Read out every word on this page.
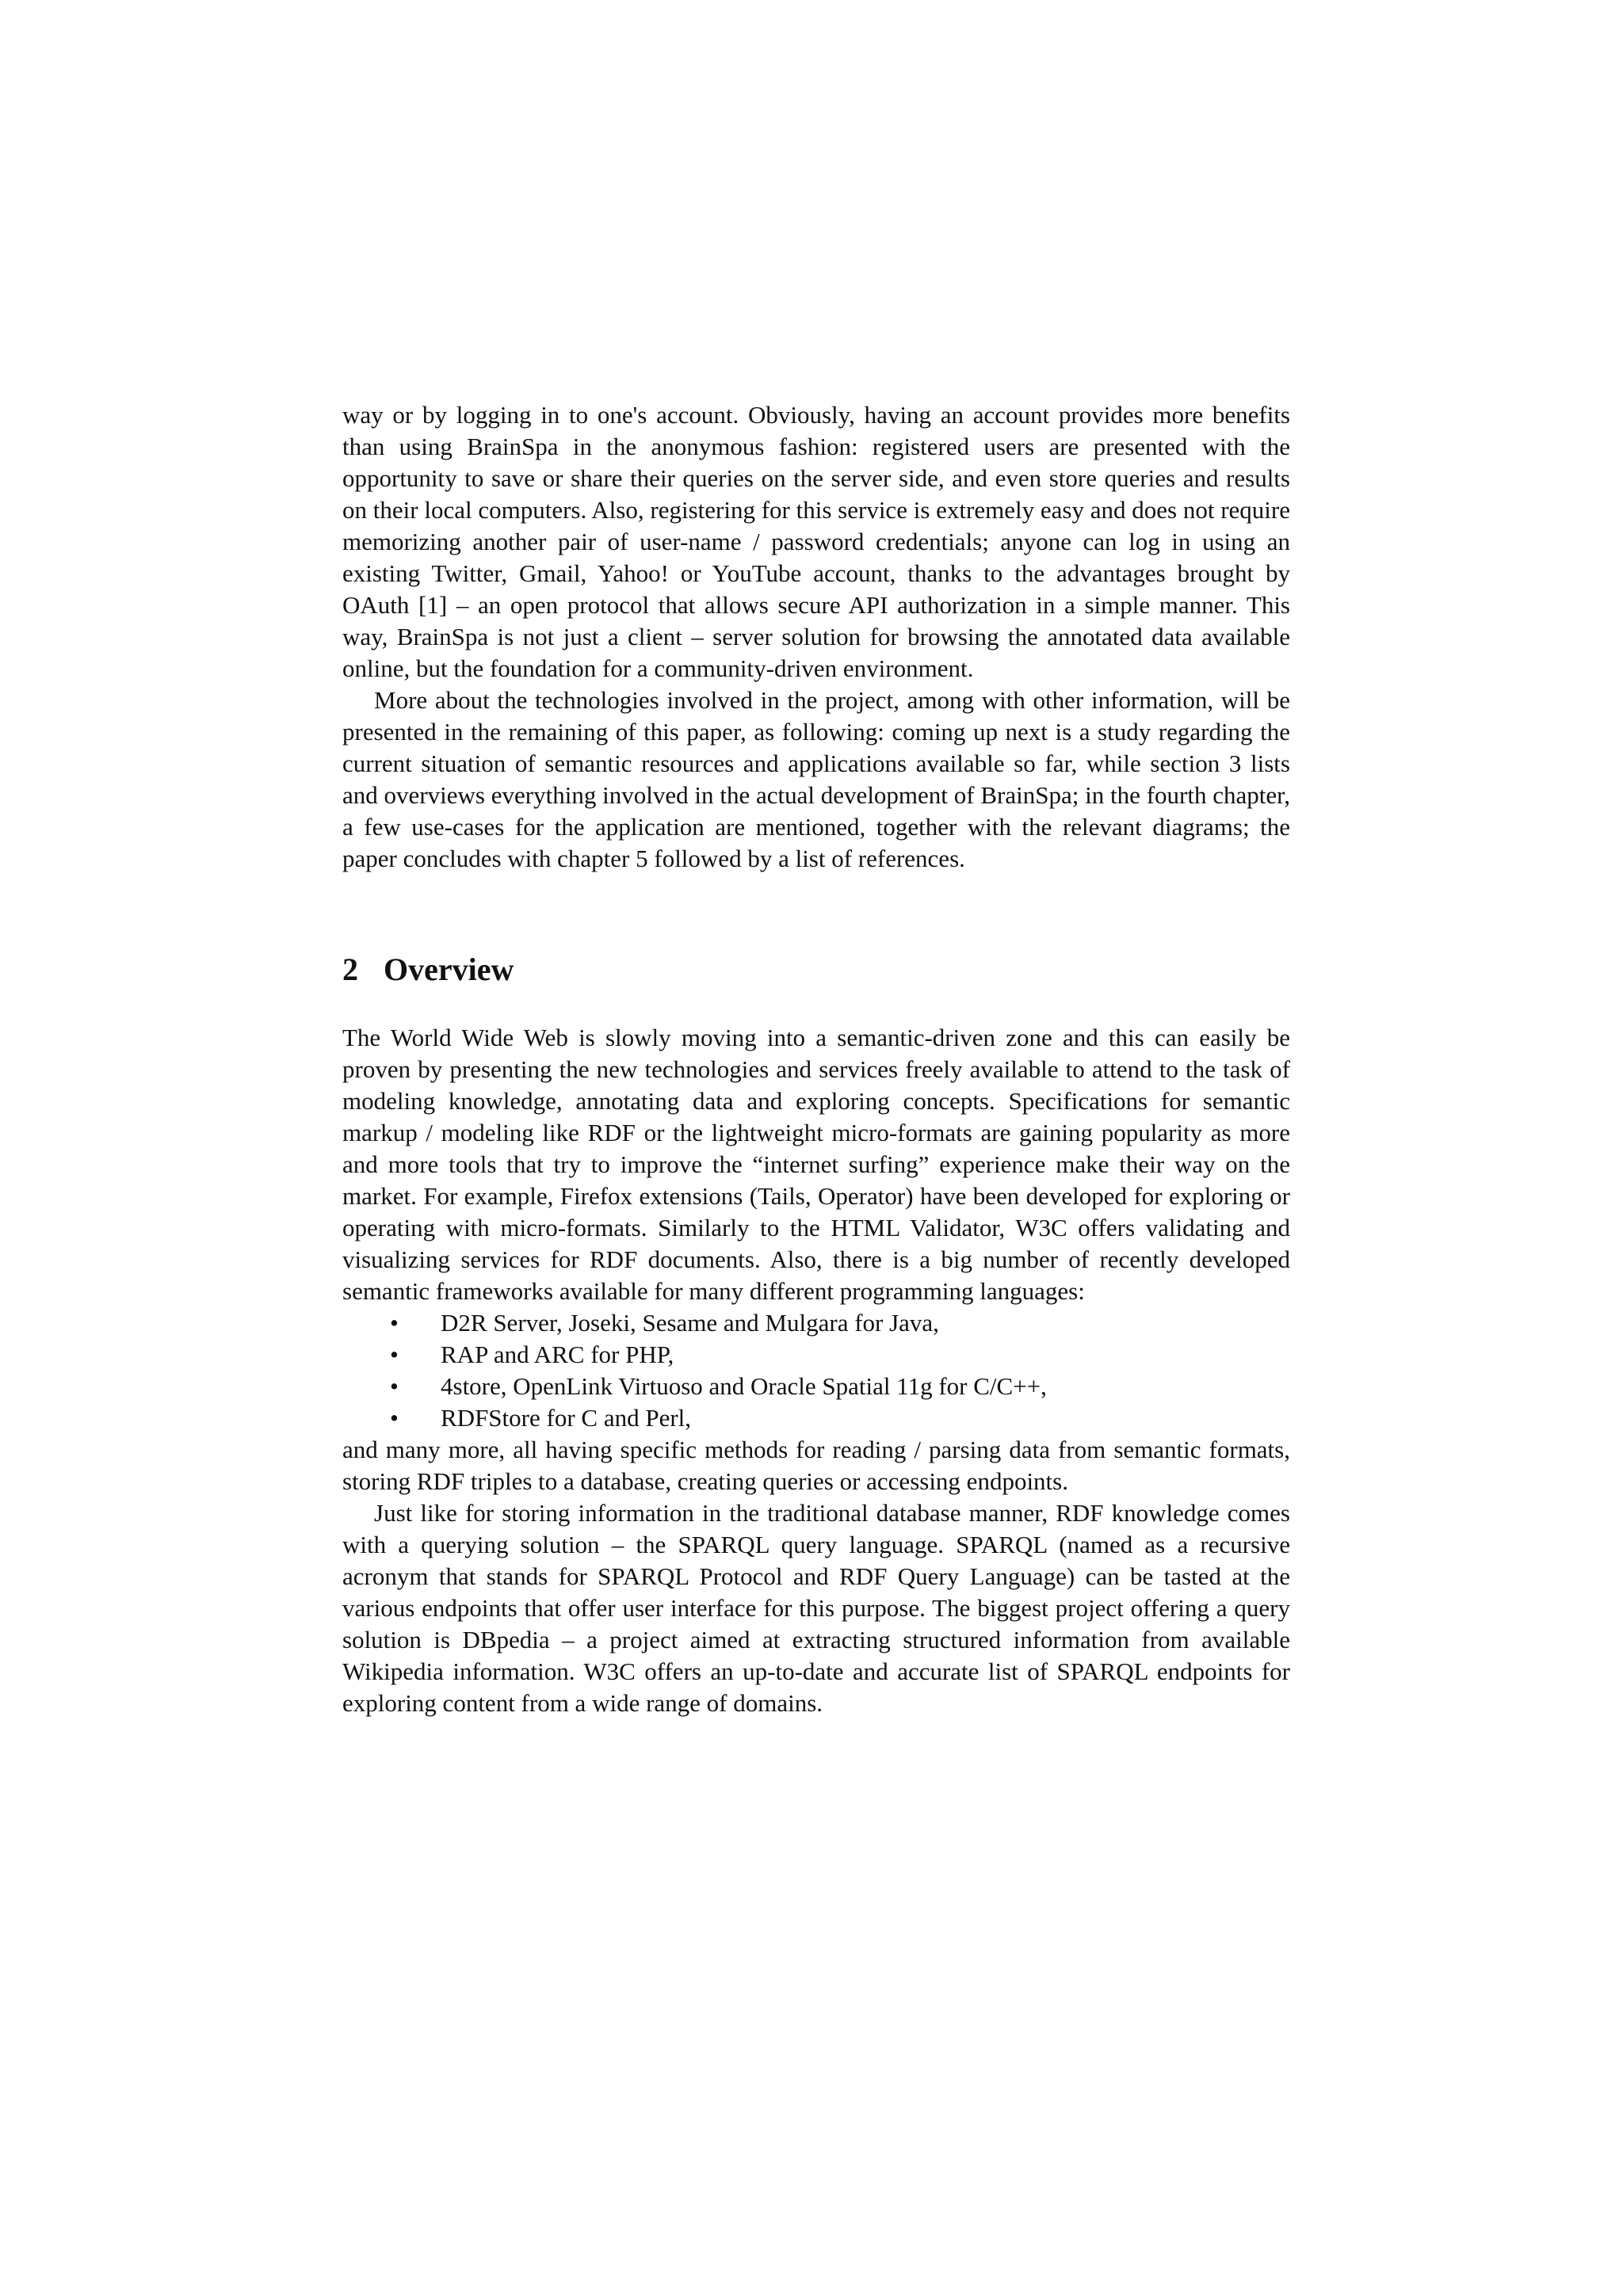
way or by logging in to one's account. Obviously, having an account provides more benefits than using BrainSpa in the anonymous fashion: registered users are presented with the opportunity to save or share their queries on the server side, and even store queries and results on their local computers. Also, registering for this service is extremely easy and does not require memorizing another pair of user-name / password credentials; anyone can log in using an existing Twitter, Gmail, Yahoo! or YouTube account, thanks to the advantages brought by OAuth [1] – an open protocol that allows secure API authorization in a simple manner. This way, BrainSpa is not just a client – server solution for browsing the annotated data available online, but the foundation for a community-driven environment.

More about the technologies involved in the project, among with other information, will be presented in the remaining of this paper, as following: coming up next is a study regarding the current situation of semantic resources and applications available so far, while section 3 lists and overviews everything involved in the actual development of BrainSpa; in the fourth chapter, a few use-cases for the application are mentioned, together with the relevant diagrams; the paper concludes with chapter 5 followed by a list of references.

2 Overview

The World Wide Web is slowly moving into a semantic-driven zone and this can easily be proven by presenting the new technologies and services freely available to attend to the task of modeling knowledge, annotating data and exploring concepts. Specifications for semantic markup / modeling like RDF or the lightweight micro-formats are gaining popularity as more and more tools that try to improve the “internet surfing” experience make their way on the market. For example, Firefox extensions (Tails, Operator) have been developed for exploring or operating with micro-formats. Similarly to the HTML Validator, W3C offers validating and visualizing services for RDF documents. Also, there is a big number of recently developed semantic frameworks available for many different programming languages:

• D2R Server, Joseki, Sesame and Mulgara for Java,
• RAP and ARC for PHP,
• 4store, OpenLink Virtuoso and Oracle Spatial 11g for C/C++,
• RDFStore for C and Perl,

and many more, all having specific methods for reading / parsing data from semantic formats, storing RDF triples to a database, creating queries or accessing endpoints.

Just like for storing information in the traditional database manner, RDF knowledge comes with a querying solution – the SPARQL query language. SPARQL (named as a recursive acronym that stands for SPARQL Protocol and RDF Query Language) can be tasted at the various endpoints that offer user interface for this purpose. The biggest project offering a query solution is DBpedia – a project aimed at extracting structured information from available Wikipedia information. W3C offers an up-to-date and accurate list of SPARQL endpoints for exploring content from a wide range of domains.
